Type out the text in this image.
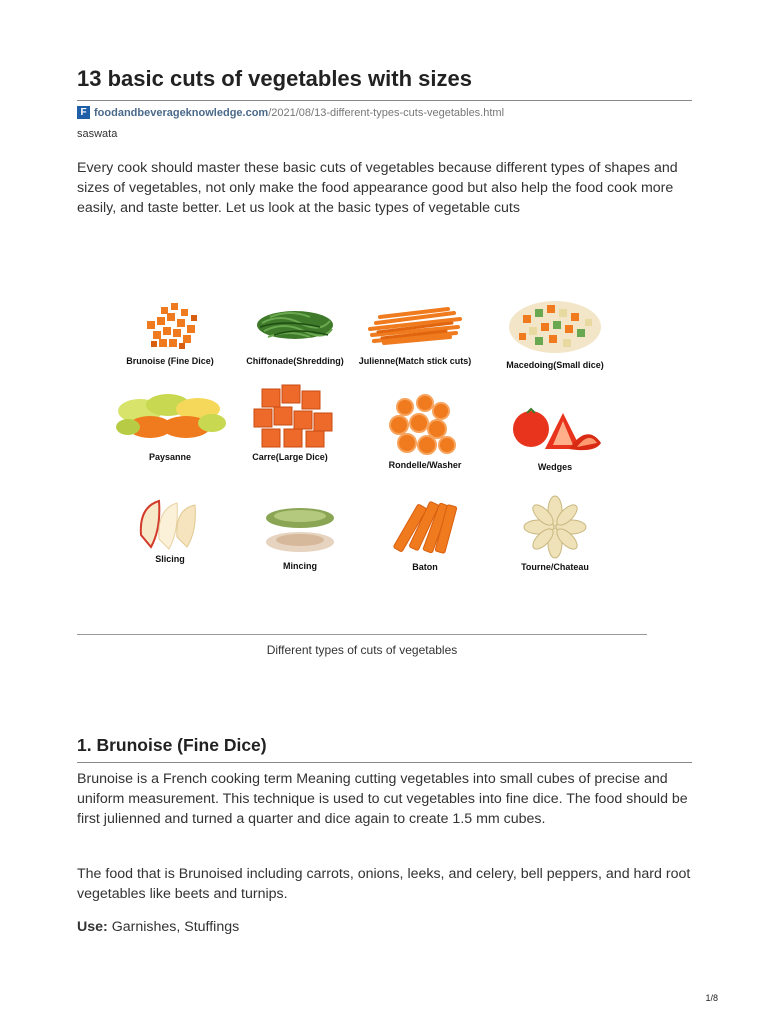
13 basic cuts of vegetables with sizes
F foodandbeverageknowledge.com /2021/08/13-different-types-cuts-vegetables.html
saswata

Every cook should master these basic cuts of vegetables because different types of shapes and sizes of vegetables, not only make the food appearance good but also help the food cook more easily, and taste better. Let us look at the basic types of vegetable cuts

Brunoise (Fine Dice)	Chiffonade(Shredding)	Julienne(Match stick cuts)	Macedoing(Small dice)
Paysanne	Carre(Large Dice)
Rondelle/Washer	Wedges
Slicing
Mincing	Baton	Tourne/Chateau
Different types of cuts of vegetables
1. Brunoise (Fine Dice)

Brunoise is a French cooking term Meaning cutting vegetables into small cubes of precise and uniform measurement. This technique is used to cut vegetables into fine dice. The food should be first julienned and turned a quarter and dice again to create 1.5 mm cubes.

The food that is Brunoised including carrots, onions, leeks, and celery, bell peppers, and hard root vegetables like beets and turnips.

Use: Garnishes, Stuffings
1/8
